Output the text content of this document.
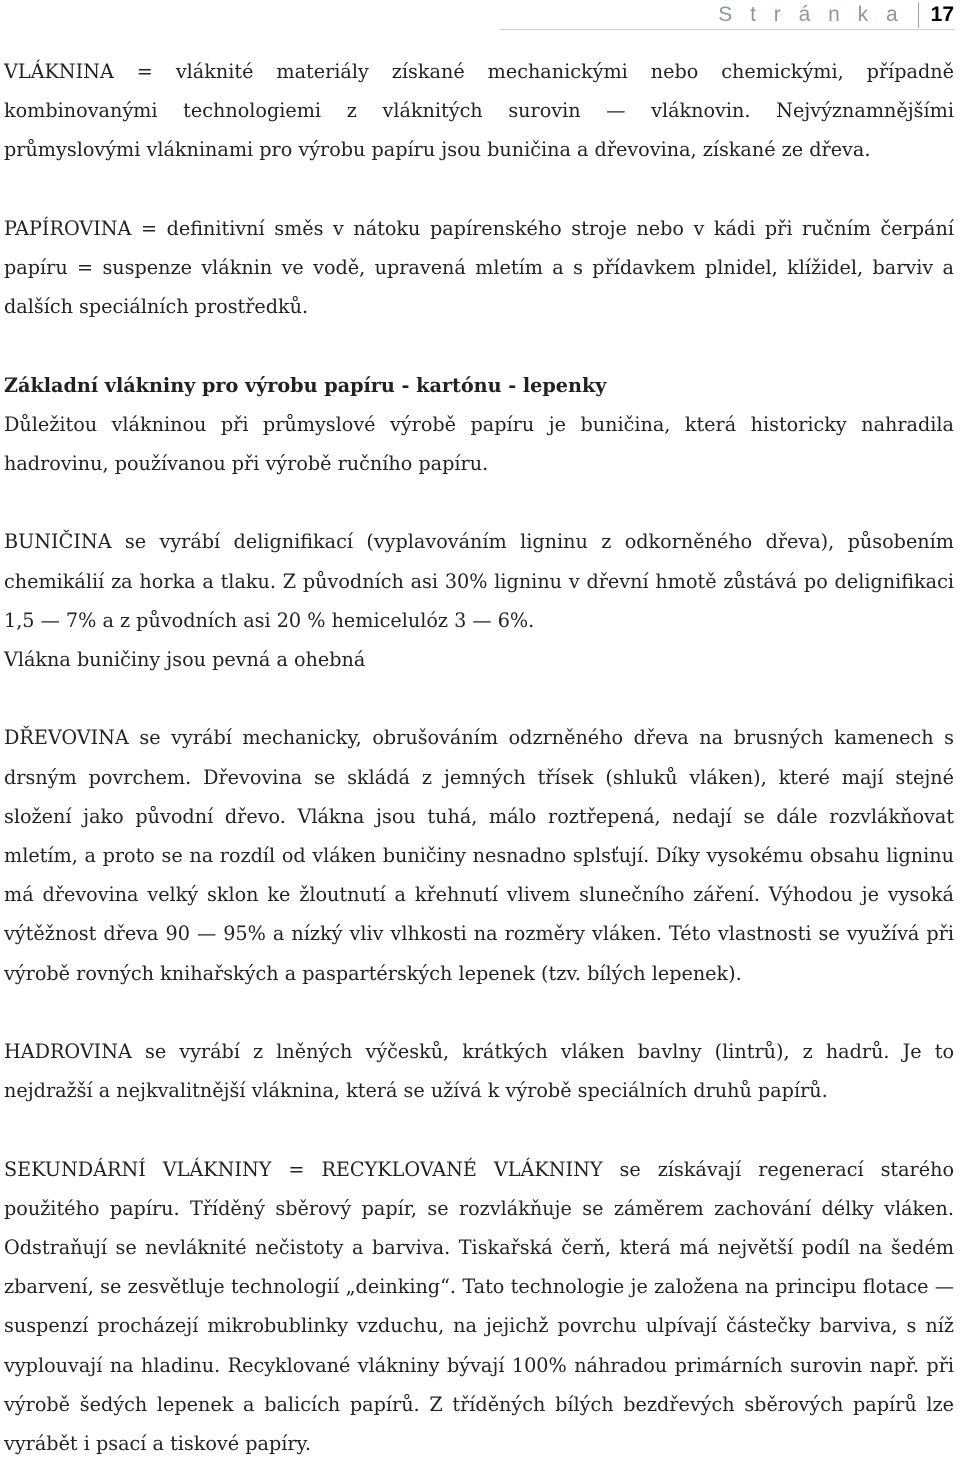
S t r á n k a	17

VLÁKNINA = vláknité materiály získané mechanickými nebo chemickými, případně kombinovanými technologiemi z vláknitých surovin — vláknovin. Nejvýznamnějšími průmyslovými vlákninami pro výrobu papíru jsou buničina a dřevovina, získané ze dřeva.

PAPÍROVINA = definitivní směs v nátoku papírenského stroje nebo v kádi při ručním čerpání papíru = suspenze vláknin ve vodě, upravená mletím a s přídavkem plnidel, klížidel, barviv a dalších speciálních prostředků.

Základní vlákniny pro výrobu papíru - kartónu - lepenky

Důležitou vlákninou při průmyslové výrobě papíru je buničina, která historicky nahradila hadrovinu, používanou při výrobě ručního papíru.

BUNIČINA se vyrábí delignifikací (vyplavováním ligninu z odkorněného dřeva), působením chemikálií za horka a tlaku. Z původních asi 30% ligninu v dřevní hmotě zůstává po delignifikaci 1,5 — 7% a z původních asi 20 % hemicelulóz 3 — 6%.

Vlákna buničiny jsou pevná a ohebná

DŘEVOVINA se vyrábí mechanicky, obrušováním odzrněného dřeva na brusných kamenech s drsným povrchem. Dřevovina se skládá z jemných třísek (shluků vláken), které mají stejné složení jako původní dřevo. Vlákna jsou tuhá, málo roztřepená, nedají se dále rozvlákňovat mletím, a proto se na rozdíl od vláken buničiny nesnadno splsťují. Díky vysokému obsahu ligninu má dřevovina velký sklon ke žloutnutí a křehnutí vlivem slunečního záření. Výhodou je vysoká výtěžnost dřeva 90 — 95% a nízký vliv vlhkosti na rozměry vláken. Této vlastnosti se využívá při výrobě rovných knihařských a paspartérských lepenek (tzv. bílých lepenek).

HADROVINA se vyrábí z lněných výčesků, krátkých vláken bavlny (lintrů), z hadrů. Je to nejdražší a nejkvalitnější vláknina, která se užívá k výrobě speciálních druhů papírů.

SEKUNDÁRNÍ VLÁKNINY = RECYKLOVANÉ VLÁKNINY se získávají regenerací starého použitého papíru. Tříděný sběrový papír, se rozvlákňuje se záměrem zachování délky vláken. Odstraňují se nevláknité nečistoty a barviva. Tiskařská čerň, která má největší podíl na šedém zbarvení, se zesvětluje technologií „deinking“. Tato technologie je založena na principu flotace — suspenzí procházejí mikrobublinky vzduchu, na jejichž povrchu ulpívají částečky barviva, s níž vyplouvají na hladinu. Recyklované vlákniny bývají 100% náhradou primárních surovin např. při výrobě šedých lepenek a balicích papírů. Z tříděných bílých bezdřevých sběrových papírů lze vyrábět i psací a tiskové papíry.
